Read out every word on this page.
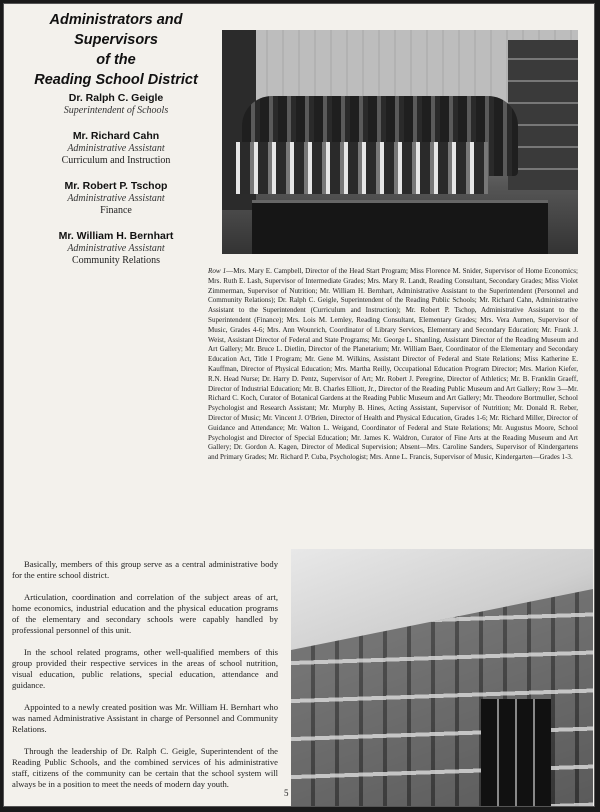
Administrators and Supervisors
of the
Reading School District
Dr. Ralph C. Geigle
Superintendent of Schools
Mr. Richard Cahn
Administrative Assistant
Curriculum and Instruction
Mr. Robert P. Tschop
Administrative Assistant
Finance
Mr. William H. Bernhart
Administrative Assistant
Community Relations
Row 1—Mrs. Mary E. Campbell, Director of the Head Start Program; Miss Florence M. Snider, Supervisor of Home Economics; Mrs. Ruth E. Lash, Supervisor of Intermediate Grades; Mrs. Mary R. Landt, Reading Consultant, Secondary Grades; Miss Violet Zimmerman, Supervisor of Nutrition; Mr. William H. Bernhart, Administrative Assistant to the Superintendent (Personnel and Community Relations); Dr. Ralph C. Geigle, Superintendent of the Reading Public Schools; Mr. Richard Cahn, Administrative Assistant to the Superintendent (Curriculum and Instruction); Mr. Robert P. Tschop, Administrative Assistant to the Superintendent (Finance); Mrs. Lois M. Lemley, Reading Consultant, Elementary Grades; Mrs. Vera Aumen, Supervisor of Music, Grades 4-6; Mrs. Ann Wounrich, Coordinator of Library Services, Elementary and Secondary Education; Mr. Frank J. Weist, Assistant Director of Federal and State Programs; Mr. George L. Shanling, Assistant Director of the Reading Museum and Art Gallery; Mr. Bruce L. Dietlin, Director of the Planetarium; Mr. William Baer, Coordinator of the Elementary and Secondary Education Act, Title I Program; Mr. Gene M. Wilkins, Assistant Director of Federal and State Relations; Miss Katherine E. Kauffman, Director of Physical Education; Mrs. Martha Reilly, Occupational Education Program Director; Mrs. Marion Kiefer, R.N. Head Nurse; Dr. Harry D. Pentz, Supervisor of Art; Mr. Robert J. Peregrine, Director of Athletics; Mr. B. Franklin Graeff, Director of Industrial Education; Mr. B. Charles Elliott, Jr., Director of the Reading Public Museum and Art Gallery; Row 3—Mr. Richard C. Koch, Curator of Botanical Gardens at the Reading Public Museum and Art Gallery; Mr. Theodore Bortmuller, School Psychologist and Research Assistant; Mr. Murphy B. Hines, Acting Assistant, Supervisor of Nutrition; Mr. Donald R. Reber, Director of Music; Mr. Vincent J. O'Brien, Director of Health and Physical Education, Grades 1-6; Mr. Richard Miller, Director of Guidance and Attendance; Mr. Walton L. Weigand, Coordinator of Federal and State Relations; Mr. Augustus Moore, School Psychologist and Director of Special Education; Mr. James K. Waldron, Curator of Fine Arts at the Reading Museum and Art Gallery; Dr. Gordon A. Kagen, Director of Medical Supervision; Absent—Mrs. Caroline Sanders, Supervisor of Kindergartens and Primary Grades; Mr. Richard P. Cuba, Psychologist; Mrs. Anne L. Francis, Supervisor of Music, Kindergarten—Grades 1-3.

Basically, members of this group serve as a central administrative body for the entire school district.

Articulation, coordination and correlation of the subject areas of art, home economics, industrial education and the physical education programs of the elementary and secondary schools were capably handled by professional personnel of this unit.

In the school related programs, other well-qualified members of this group provided their respective services in the areas of school nutrition, visual education, public relations, special education, attendance and guidance.

Appointed to a newly created position was Mr. William H. Bernhart who was named Administrative Assistant in charge of Personnel and Community Relations.

Through the leadership of Dr. Ralph C. Geigle, Superintendent of the Reading Public Schools, and the combined services of his administrative staff, citizens of the community can be certain that the school system will always be in a position to meet the needs of modern day youth.

5
